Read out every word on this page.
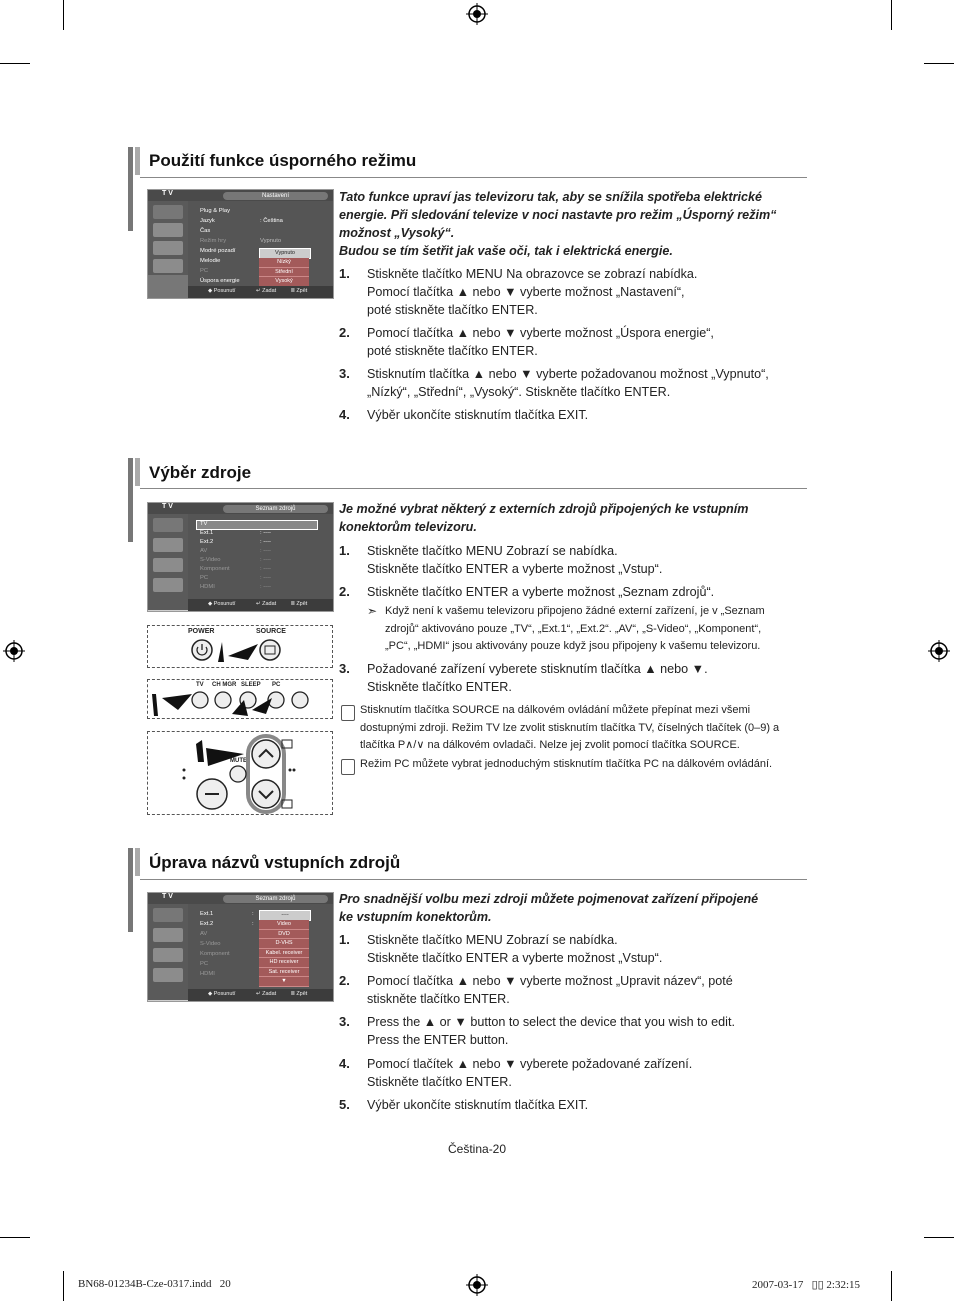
Použití funkce úsporného režimu
T V	Nastavení
Plug & Play
Jazyk	: Čeština
Čas
Režim hry	Vypnuto
Modré pozadí
Melodie
PC
Úspora energie
Vypnuto
Nízký
Střední
Vysoký
◆ Posunutí	↵ Zadat	Ⅲ Zpět
Tato funkce upraví jas televizoru tak, aby se snížila spotřeba elektrické
energie. Při sledování televize v noci nastavte pro režim „Úsporný režim“
možnost „Vysoký“.
Budou se tím šetřit jak vaše oči, tak i elektrická energie.
1. Stiskněte tlačítko MENU Na obrazovce se zobrazí nabídka.
Pomocí tlačítka ▲ nebo ▼ vyberte možnost „Nastavení“,
poté stiskněte tlačítko ENTER.
2. Pomocí tlačítka ▲ nebo ▼ vyberte možnost „Úspora energie“,
poté stiskněte tlačítko ENTER.
3. Stisknutím tlačítka ▲ nebo ▼ vyberte požadovanou možnost „Vypnuto“,
„Nízký“, „Střední“, „Vysoký“. Stiskněte tlačítko ENTER.
4. Výběr ukončíte stisknutím tlačítka EXIT.
Výběr zdroje
T V	Seznam zdrojů
TV
Ext.1	: ----
Ext.2	: ----
AV	: ----
S-Video	: ----
Komponent	: ----
PC	: ----
HDMI	: ----
◆ Posunutí	↵ Zadat	Ⅲ Zpět
POWER	SOURCE
TV CH MGR SLEEP PC
MUTE
Je možné vybrat některý z externích zdrojů připojených ke vstupním
konektorům televizoru.
1. Stiskněte tlačítko MENU Zobrazí se nabídka.
Stiskněte tlačítko ENTER a vyberte možnost „Vstup“.
2. Stiskněte tlačítko ENTER a vyberte možnost „Seznam zdrojů“.
➣ Když není k vašemu televizoru připojeno žádné externí zařízení, je v „Seznam
zdrojů“ aktivováno pouze „TV“, „Ext.1“, „Ext.2“. „AV“, „S-Video“, „Komponent“,
„PC“, „HDMI“ jsou aktivovány pouze když jsou připojeny k vašemu televizoru.
3. Požadované zařízení vyberete stisknutím tlačítka ▲ nebo ▼.
Stiskněte tlačítko ENTER.
Stisknutím tlačítka SOURCE na dálkovém ovládání můžete přepínat mezi všemi
dostupnými zdroji. Režim TV lze zvolit stisknutím tlačítka TV, číselných tlačítek (0–9) a
tlačítka P∧/∨ na dálkovém ovladači. Nelze jej zvolit pomocí tlačítka SOURCE.
Režim PC můžete vybrat jednoduchým stisknutím tlačítka PC na dálkovém ovládání.
Úprava názvů vstupních zdrojů
T V	Seznam zdrojů
Ext.1	:
Ext.2	:
AV
S-Video
Komponent
PC
HDMI
----
Video
DVD
D-VHS
Kabel. receiver
HD receiver
Sat. receiver
▼
◆ Posunutí	↵ Zadat	Ⅲ Zpět
Pro snadnější volbu mezi zdroji můžete pojmenovat zařízení připojené
ke vstupním konektorům.
1. Stiskněte tlačítko MENU Zobrazí se nabídka.
Stiskněte tlačítko ENTER a vyberte možnost „Vstup“.
2. Pomocí tlačítka ▲ nebo ▼ vyberte možnost „Upravit název“, poté
stiskněte tlačítko ENTER.
3. Press the ▲ or ▼ button to select the device that you wish to edit.
Press the ENTER button.
4. Pomocí tlačítek ▲ nebo ▼ vyberete požadované zařízení.
Stiskněte tlačítko ENTER.
5. Výběr ukončíte stisknutím tlačítka EXIT.
Čeština-20
BN68-01234B-Cze-0317.indd   20	2007-03-17   ▯▯ 2:32:15
